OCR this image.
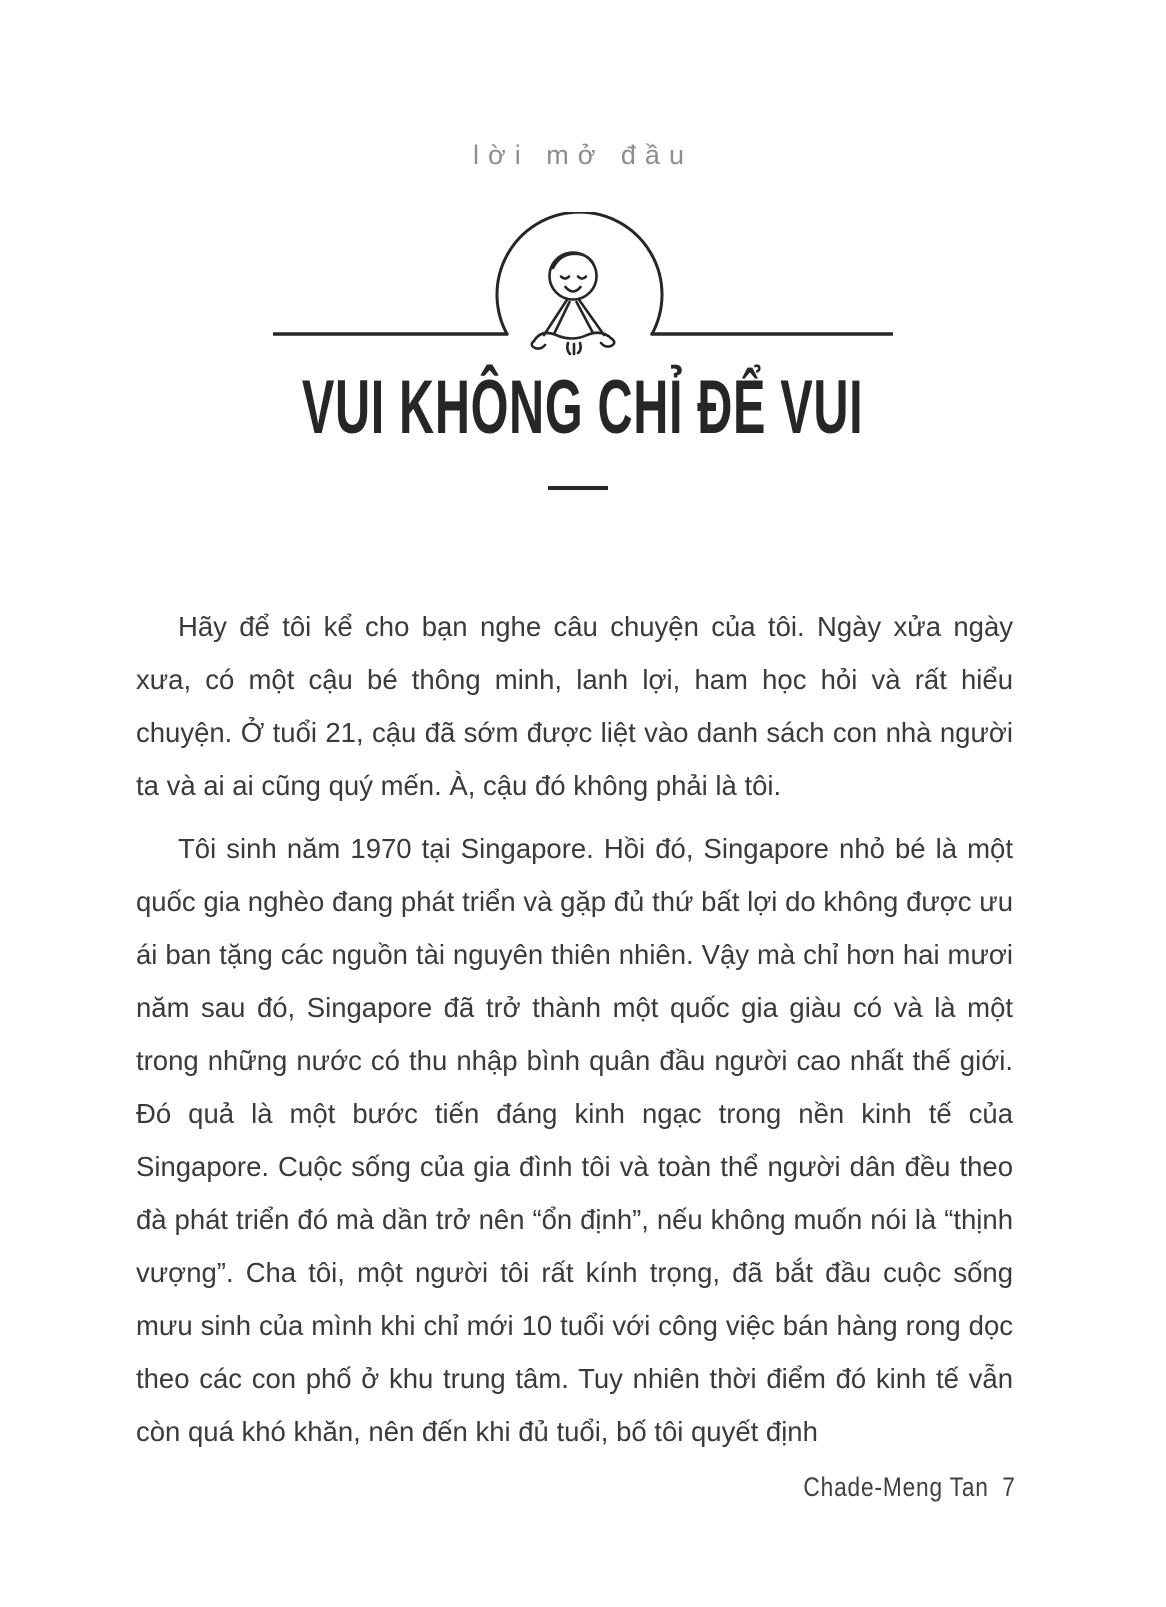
lời mở đầu
VUI KHÔNG CHỈ ĐỂ VUI

Hãy để tôi kể cho bạn nghe câu chuyện của tôi. Ngày xửa ngày xưa, có một cậu bé thông minh, lanh lợi, ham học hỏi và rất hiểu chuyện. Ở tuổi 21, cậu đã sớm được liệt vào danh sách con nhà người ta và ai ai cũng quý mến. À, cậu đó không phải là tôi.

Tôi sinh năm 1970 tại Singapore. Hồi đó, Singapore nhỏ bé là một quốc gia nghèo đang phát triển và gặp đủ thứ bất lợi do không được ưu ái ban tặng các nguồn tài nguyên thiên nhiên. Vậy mà chỉ hơn hai mươi năm sau đó, Singapore đã trở thành một quốc gia giàu có và là một trong những nước có thu nhập bình quân đầu người cao nhất thế giới. Đó quả là một bước tiến đáng kinh ngạc trong nền kinh tế của Singapore. Cuộc sống của gia đình tôi và toàn thể người dân đều theo đà phát triển đó mà dần trở nên “ổn định”, nếu không muốn nói là “thịnh vượng”. Cha tôi, một người tôi rất kính trọng, đã bắt đầu cuộc sống mưu sinh của mình khi chỉ mới 10 tuổi với công việc bán hàng rong dọc theo các con phố ở khu trung tâm. Tuy nhiên thời điểm đó kinh tế vẫn còn quá khó khăn, nên đến khi đủ tuổi, bố tôi quyết định

Chade-Meng Tan 7
